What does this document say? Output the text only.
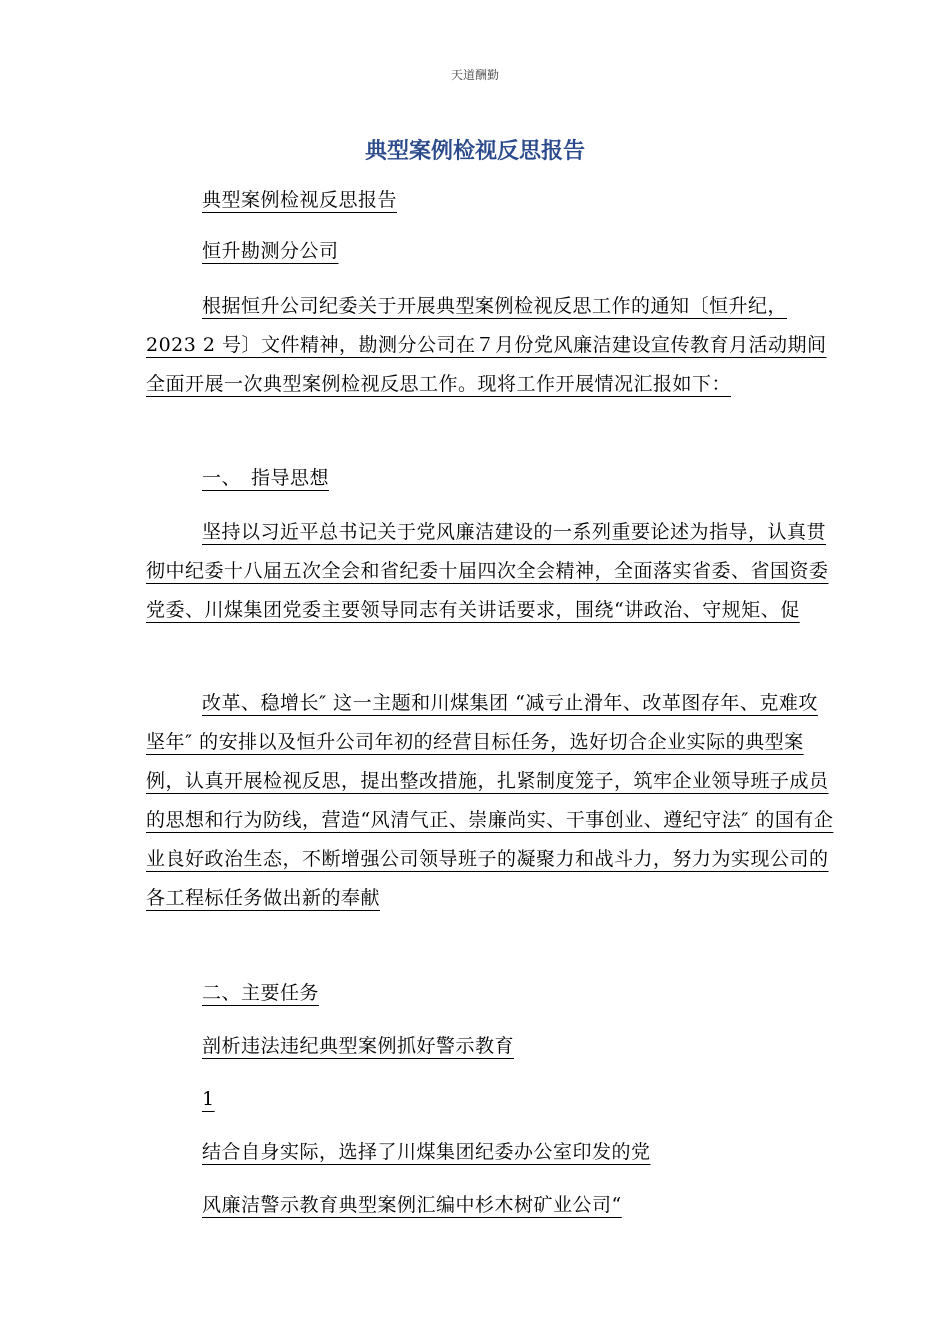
天道酬勤
典型案例检视反思报告
典型案例检视反思报告
恒升勘测分公司
根据恒升公司纪委关于开展典型案例检视反思工作的通知〔恒升纪，2023 2 号〕文件精神，勘测分公司在７月份党风廉洁建设宣传教育月活动期间全面开展一次典型案例检视反思工作。现将工作开展情况汇报如下：
一、　指导思想
坚持以习近平总书记关于党风廉洁建设的一系列重要论述为指导，认真贯彻中纪委十八届五次全会和省纪委十届四次全会精神，全面落实省委、省国资委党委、川煤集团党委主要领导同志有关讲话要求，围绕“讲政治、守规矩、促
改革、稳增长″ 这一主题和川煤集团 “减亏止滑年、改革图存年、克难攻坚年″ 的安排以及恒升公司年初的经营目标任务，选好切合企业实际的典型案例，认真开展检视反思，提出整改措施，扎紧制度笼子，筑牢企业领导班子成员的思想和行为防线，营造“风清气正、崇廉尚实、干事创业、遵纪守法″ 的国有企业良好政治生态，不断增强公司领导班子的凝聚力和战斗力，努力为实现公司的各工程标任务做出新的奉献
二、主要任务
剖析违法违纪典型案例抓好警示教育
1
结合自身实际，选择了川煤集团纪委办公室印发的党
风廉洁警示教育典型案例汇编中杉木树矿业公司“
